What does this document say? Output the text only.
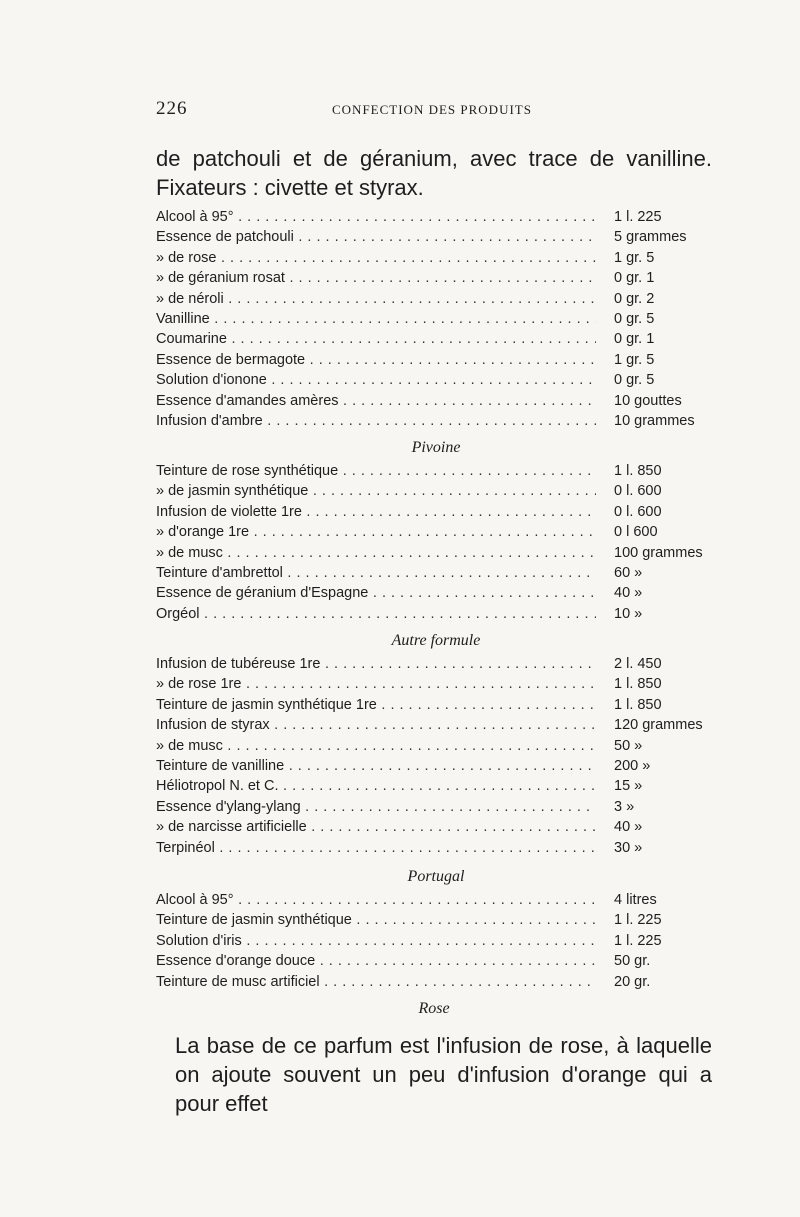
226	CONFECTION DES PRODUITS
de patchouli et de géranium, avec trace de vanilline. Fixateurs : civette et styrax.
Alcool à 95° . . .	1 l. 225
Essence de patchouli . . .	5 grammes
» de rose . . .	1 gr. 5
» de géranium rosat . . .	0 gr. 1
» de néroli . . .	0 gr. 2
Vanilline . . .	0 gr. 5
Coumarine . . .	0 gr. 1
Essence de bermagote . . .	1 gr. 5
Solution d'ionone . . .	0 gr. 5
Essence d'amandes amères . . .	10 gouttes
Infusion d'ambre . . .	10 grammes
Pivoine
Teinture de rose synthétique . . .	1 l. 850
» de jasmin synthétique . . .	0 l. 600
Infusion de violette 1re . . .	0 l. 600
» d'orange 1re . . .	0 l 600
» de musc . . .	100 grammes
Teinture d'ambrettol . . .	60 »
Essence de géranium d'Espagne . . .	40 »
Orgéol . . .	10 »
Autre formule
Infusion de tubéreuse 1re . . .	2 l. 450
» de rose 1re . . .	1 l. 850
Teinture de jasmin synthétique 1re . . .	1 l. 850
Infusion de styrax . . .	120 grammes
» de musc . . .	50 »
Teinture de vanilline . . .	200 »
Héliotropol N. et C. . . .	15 »
Essence d'ylang-ylang . . .	3 »
» de narcisse artificielle . . .	40 »
Terpinéol . . .	30 »
Portugal
Alcool à 95° . . .	4 litres
Teinture de jasmin synthétique . . .	1 l. 225
Solution d'iris . . .	1 l. 225
Essence d'orange douce . . .	50 gr.
Teinture de musc artificiel . . .	20 gr.
Rose
La base de ce parfum est l'infusion de rose, à laquelle on ajoute souvent un peu d'infusion d'orange qui a pour effet
